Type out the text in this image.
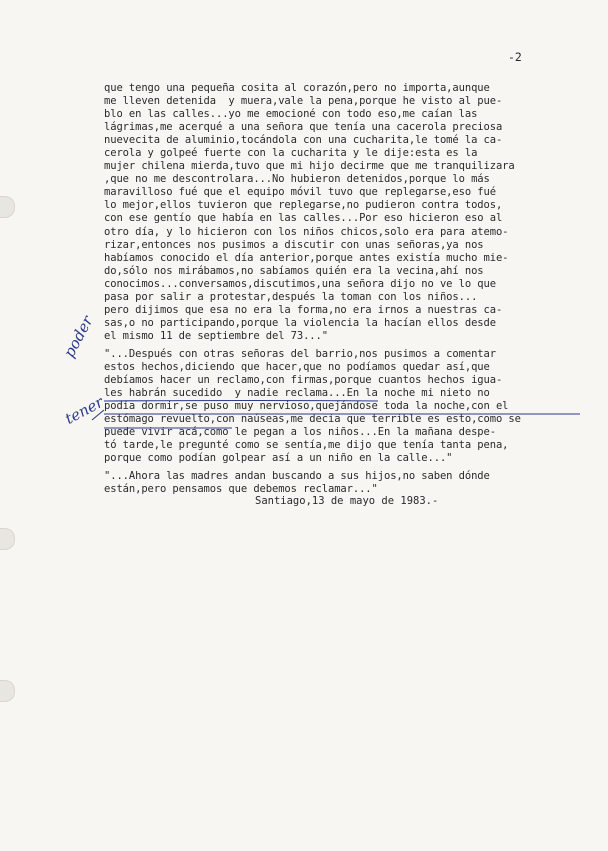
-2
que tengo una pequeña cosita al corazón,pero no importa,aunque
me lleven detenida  y muera,vale la pena,porque he visto al pue-
blo en las calles...yo me emocioné con todo eso,me caían las
lágrimas,me acerqué a una señora que tenía una cacerola preciosa
nuevecita de aluminio,tocándola con una cucharita,le tomé la ca-
cerola y golpeé fuerte con la cucharita y le dije:esta es la
mujer chilena mierda,tuvo que mi hijo decirme que me tranquilizara
,que no me descontrolara...No hubieron detenidos,porque lo más
maravilloso fué que el equipo móvil tuvo que replegarse,eso fué
lo mejor,ellos tuvieron que replegarse,no pudieron contra todos,
con ese gentío que había en las calles...Por eso hicieron eso al
otro día, y lo hicieron con los niños chicos,solo era para atemo-
rizar,entonces nos pusimos a discutir con unas señoras,ya nos
habíamos conocido el día anterior,porque antes existía mucho mie-
do,sólo nos mirábamos,no sabíamos quién era la vecina,ahí nos
conocimos...conversamos,discutimos,una señora dijo no ve lo que
pasa por salir a protestar,después la toman con los niños...
pero dijimos que esa no era la forma,no era irnos a nuestras ca-
sas,o no participando,porque la violencia la hacían ellos desde
el mismo 11 de septiembre del 73..."
"...Después con otras señoras del barrio,nos pusimos a comentar
estos hechos,diciendo que hacer,que no podíamos quedar así,que
debíamos hacer un reclamo,con firmas,porque cuantos hechos igua-
les habrán sucedido  y nadie reclama...En la noche mi nieto no
podía dormir,se puso muy nervioso,quejándose toda la noche,con el
estómago revuelto,con naúseas,me decía que terrible es esto,como se
puede vivir acá,como le pegan a los niños...En la mañana despe-
tó tarde,le pregunté como se sentía,me dijo que tenía tanta pena,
porque como podían golpear así a un niño en la calle..."
"...Ahora las madres andan buscando a sus hijos,no saben dónde
están,pero pensamos que debemos reclamar..."
Santiago,13 de mayo de 1983.-
poder
tener
